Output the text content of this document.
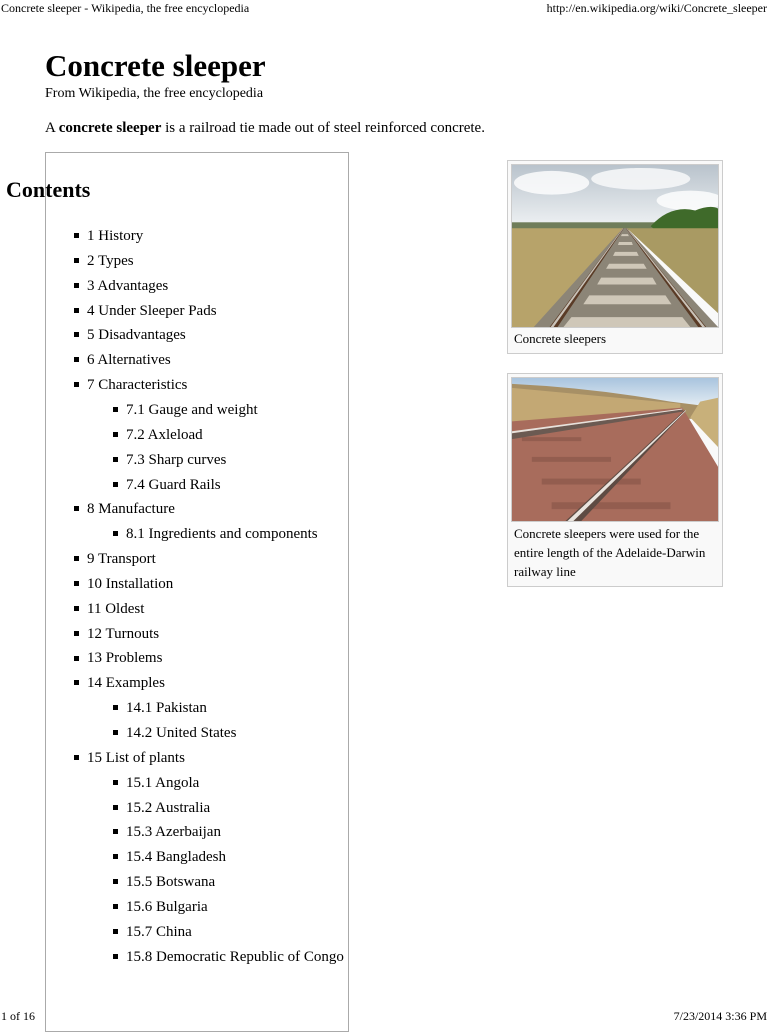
Concrete sleeper - Wikipedia, the free encyclopedia	http://en.wikipedia.org/wiki/Concrete_sleeper
Concrete sleeper
From Wikipedia, the free encyclopedia
A concrete sleeper is a railroad tie made out of steel reinforced concrete.
Contents
1 History
2 Types
3 Advantages
4 Under Sleeper Pads
5 Disadvantages
6 Alternatives
7 Characteristics
7.1 Gauge and weight
7.2 Axleload
7.3 Sharp curves
7.4 Guard Rails
8 Manufacture
8.1 Ingredients and components
9 Transport
10 Installation
11 Oldest
12 Turnouts
13 Problems
14 Examples
14.1 Pakistan
14.2 United States
15 List of plants
15.1 Angola
15.2 Australia
15.3 Azerbaijan
15.4 Bangladesh
15.5 Botswana
15.6 Bulgaria
15.7 China
15.8 Democratic Republic of Congo
Concrete sleepers
Concrete sleepers were used for the entire length of the Adelaide-Darwin railway line
1 of 16	7/23/2014 3:36 PM
